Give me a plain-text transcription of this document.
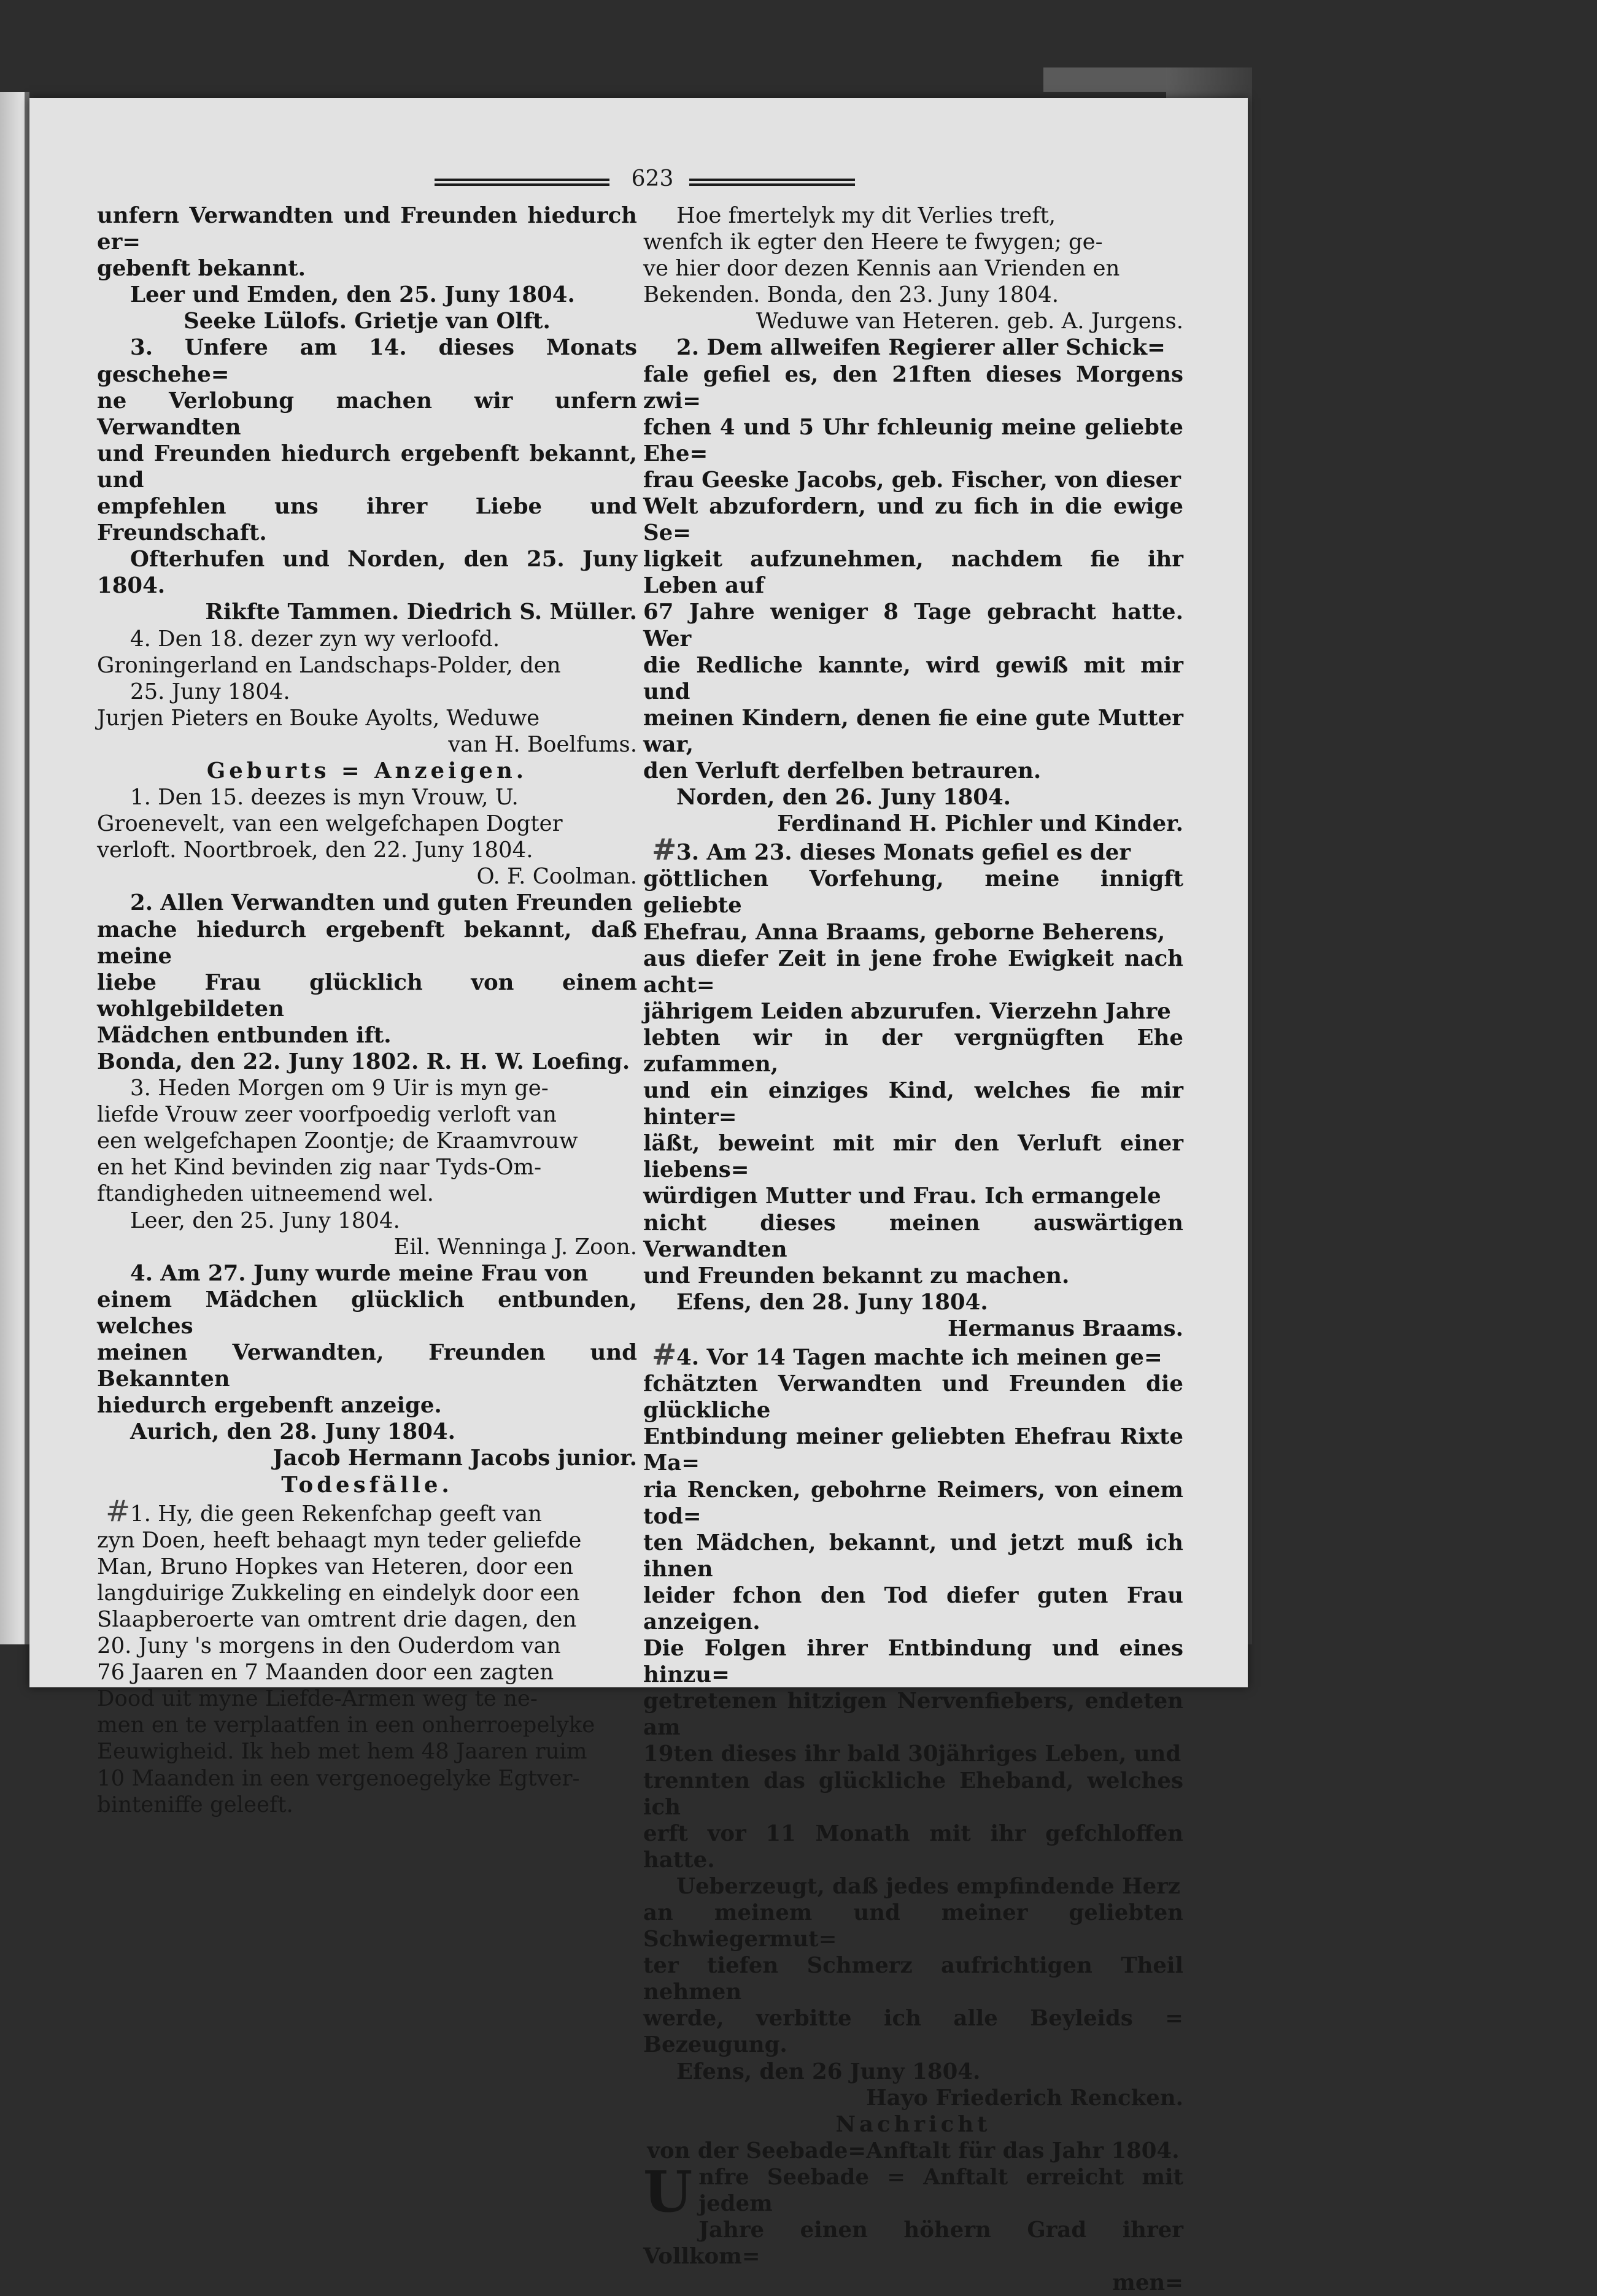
623

unfern Verwandten und Freunden hiedurch er=

gebenft bekannt.

Leer und Emden, den 25. Juny 1804.

Seeke Lülofs. Grietje van Olft.

3. Unfere am 14. dieses Monats geschehe=

ne Verlobung machen wir unfern Verwandten

und Freunden hiedurch ergebenft bekannt, und

empfehlen uns ihrer Liebe und Freundschaft.

Ofterhufen und Norden, den 25. Juny 1804.

Rikfte Tammen. Diedrich S. Müller.

4. Den 18. dezer zyn wy verloofd.

Groningerland en Landschaps-Polder, den

25. Juny 1804.

Jurjen Pieters en Bouke Ayolts, Weduwe

van H. Boelfums.

Geburts = Anzeigen.

1. Den 15. deezes is myn Vrouw, U.

Groenevelt, van een welgefchapen Dogter

verloft. Noortbroek, den 22. Juny 1804.

O. F. Coolman.

2. Allen Verwandten und guten Freunden

mache hiedurch ergebenft bekannt, daß meine

liebe Frau glücklich von einem wohlgebildeten

Mädchen entbunden ift.

Bonda, den 22. Juny 1802. R. H. W. Loefing.

3. Heden Morgen om 9 Uir is myn ge-

liefde Vrouw zeer voorfpoedig verloft van

een welgefchapen Zoontje; de Kraamvrouw

en het Kind bevinden zig naar Tyds-Om-

ftandigheden uitneemend wel.

Leer, den 25. Juny 1804.

Eil. Wenninga J. Zoon.

4. Am 27. Juny wurde meine Frau von

einem Mädchen glücklich entbunden, welches

meinen Verwandten, Freunden und Bekannten

hiedurch ergebenft anzeige.

Aurich, den 28. Juny 1804.

Jacob Hermann Jacobs junior.

Todesfälle.

#1. Hy, die geen Rekenfchap geeft van

zyn Doen, heeft behaagt myn teder geliefde

Man, Bruno Hopkes van Heteren, door een

langduirige Zukkeling en eindelyk door een

Slaapberoerte van omtrent drie dagen, den

20. Juny 's morgens in den Ouderdom van

76 Jaaren en 7 Maanden door een zagten

Dood uit myne Liefde-Armen weg te ne-

men en te verplaatfen in een onherroepelyke

Eeuwigheid. Ik heb met hem 48 Jaaren ruim

10 Maanden in een vergenoegelyke Egtver-

binteniffe geleeft.

Hoe fmertelyk my dit Verlies treft,

wenfch ik egter den Heere te fwygen; ge-

ve hier door dezen Kennis aan Vrienden en

Bekenden. Bonda, den 23. Juny 1804.

Weduwe van Heteren. geb. A. Jurgens.

2. Dem allweifen Regierer aller Schick=

fale gefiel es, den 21ften dieses Morgens zwi=

fchen 4 und 5 Uhr fchleunig meine geliebte Ehe=

frau Geeske Jacobs, geb. Fischer, von dieser

Welt abzufordern, und zu fich in die ewige Se=

ligkeit aufzunehmen, nachdem fie ihr Leben auf

67 Jahre weniger 8 Tage gebracht hatte. Wer

die Redliche kannte, wird gewiß mit mir und

meinen Kindern, denen fie eine gute Mutter war,

den Verluft derfelben betrauren.

Norden, den 26. Juny 1804.

Ferdinand H. Pichler und Kinder.

#3. Am 23. dieses Monats gefiel es der

göttlichen Vorfehung, meine innigft geliebte

Ehefrau, Anna Braams, geborne Beherens,

aus diefer Zeit in jene frohe Ewigkeit nach acht=

jährigem Leiden abzurufen. Vierzehn Jahre

lebten wir in der vergnügften Ehe zufammen,

und ein einziges Kind, welches fie mir hinter=

läßt, beweint mit mir den Verluft einer liebens=

würdigen Mutter und Frau. Ich ermangele

nicht dieses meinen auswärtigen Verwandten

und Freunden bekannt zu machen.

Efens, den 28. Juny 1804.

Hermanus Braams.

#4. Vor 14 Tagen machte ich meinen ge=

fchätzten Verwandten und Freunden die glückliche

Entbindung meiner geliebten Ehefrau Rixte Ma=

ria Rencken, gebohrne Reimers, von einem tod=

ten Mädchen, bekannt, und jetzt muß ich ihnen

leider fchon den Tod diefer guten Frau anzeigen.

Die Folgen ihrer Entbindung und eines hinzu=

getretenen hitzigen Nervenfiebers, endeten am

19ten dieses ihr bald 30jähriges Leben, und

trennten das glückliche Eheband, welches ich

erft vor 11 Monath mit ihr gefchloffen hatte.

Ueberzeugt, daß jedes empfindende Herz

an meinem und meiner geliebten Schwiegermut=

ter tiefen Schmerz aufrichtigen Theil nehmen

werde, verbitte ich alle Beyleids = Bezeugung.

Efens, den 26 Juny 1804.

Hayo Friederich Rencken.

Nachricht

von der Seebade=Anftalt für das Jahr 1804.

Unfre Seebade = Anftalt erreicht mit jedem

Jahre einen höhern Grad ihrer Vollkom=

men=
